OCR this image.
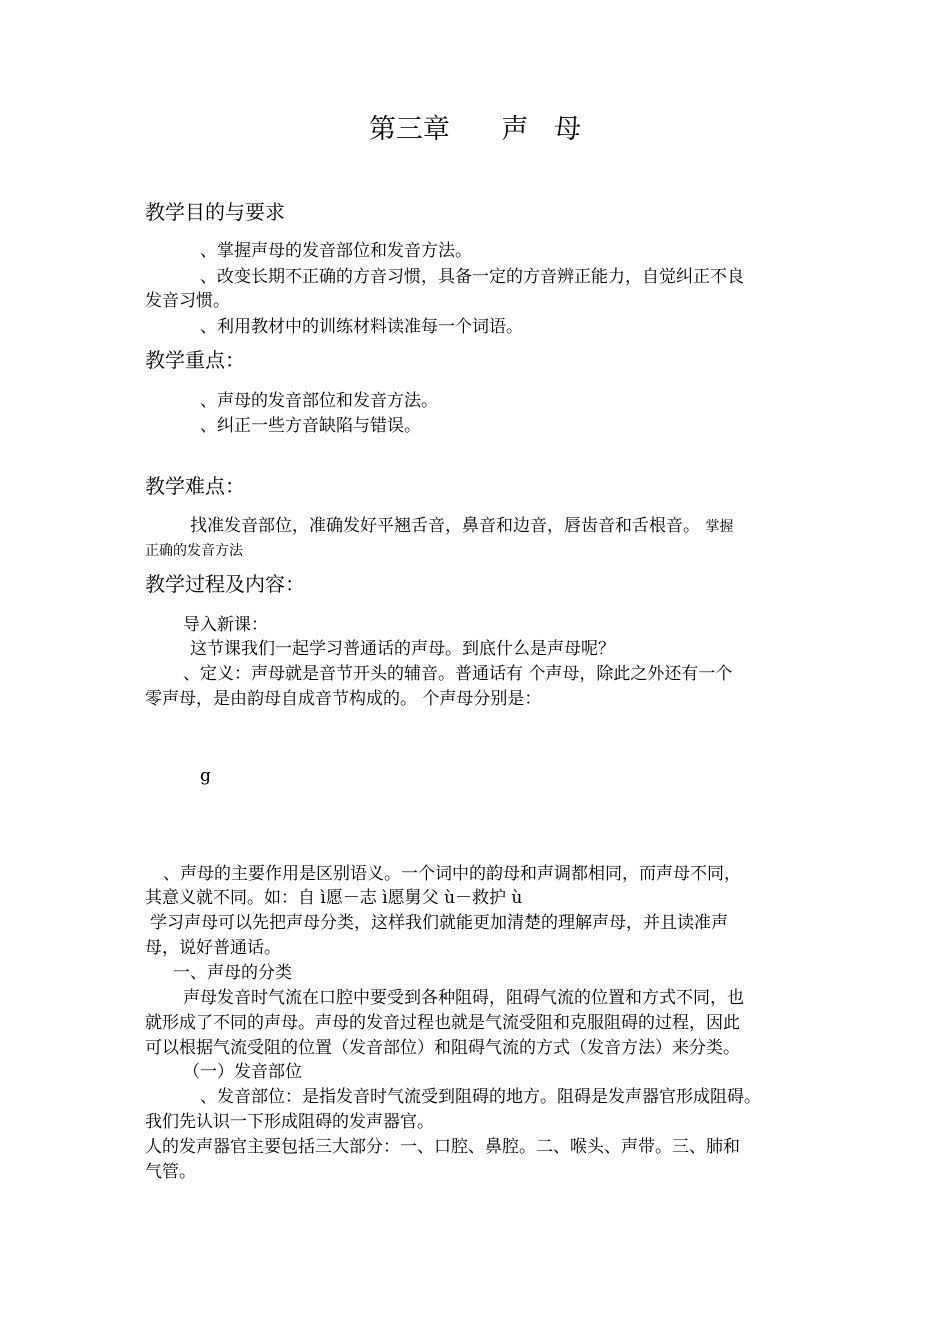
第三章      声   母
教学目的与要求
、掌握声母的发音部位和发音方法。
、改变长期不正确的方音习惯，具备一定的方音辨正能力，自觉纠正不良
发音习惯。
、利用教材中的训练材料读准每一个词语。
教学重点：
、声母的发音部位和发音方法。
、纠正一些方音缺陷与错误。
教学难点：
找准发音部位，准确发好平翘舌音，鼻音和边音，唇齿音和舌根音。 掌握
正确的发音方法
教学过程及内容：
导入新课：
这节课我们一起学习普通话的声母。到底什么是声母呢？
、定义：声母就是音节开头的辅音。普通话有 个声母，除此之外还有一个
零声母，是由韵母自成音节构成的。 个声母分别是：
g
、声母的主要作用是区别语义。一个词中的韵母和声调都相同，而声母不同，
其意义就不同。如：自 ì愿－志 ì愿舅父 ù－救护 ù
学习声母可以先把声母分类，这样我们就能更加清楚的理解声母，并且读准声
母，说好普通话。
一、声母的分类
声母发音时气流在口腔中要受到各种阻碍，阻碍气流的位置和方式不同，也
就形成了不同的声母。声母的发音过程也就是气流受阻和克服阻碍的过程，因此
可以根据气流受阻的位置（发音部位）和阻碍气流的方式（发音方法）来分类。
（一）发音部位
、发音部位：是指发音时气流受到阻碍的地方。阻碍是发声器官形成阻碍。
我们先认识一下形成阻碍的发声器官。
人的发声器官主要包括三大部分：一、口腔、鼻腔。二、喉头、声带。三、肺和
气管。
